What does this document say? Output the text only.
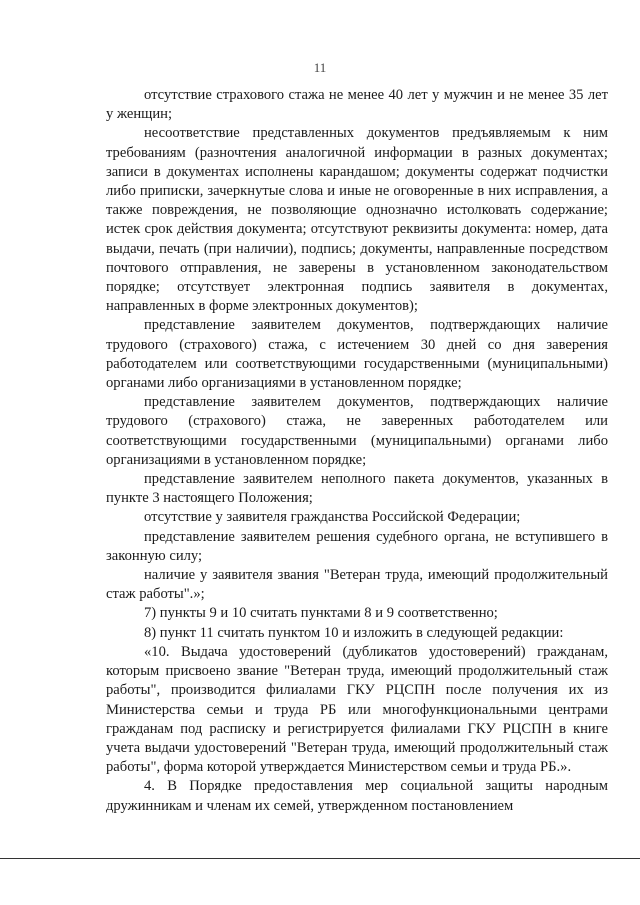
11

отсутствие страхового стажа не менее 40 лет у мужчин и не менее 35 лет у женщин;

несоответствие представленных документов предъявляемым к ним требованиям (разночтения аналогичной информации в разных документах; записи в документах исполнены карандашом; документы содержат подчистки либо приписки, зачеркнутые слова и иные не оговоренные в них исправления, а также повреждения, не позволяющие однозначно истолковать содержание; истек срок действия документа; отсутствуют реквизиты документа: номер, дата выдачи, печать (при наличии), подпись; документы, направленные посредством почтового отправления, не заверены в установленном законодательством порядке; отсутствует электронная подпись заявителя в документах, направленных в форме электронных документов);

представление заявителем документов, подтверждающих наличие трудового (страхового) стажа, с истечением 30 дней со дня заверения работодателем или соответствующими государственными (муниципальными) органами либо организациями в установленном порядке;

представление заявителем документов, подтверждающих наличие трудового (страхового) стажа, не заверенных работодателем или соответствующими государственными (муниципальными) органами либо организациями в установленном порядке;

представление заявителем неполного пакета документов, указанных в пункте 3 настоящего Положения;

отсутствие у заявителя гражданства Российской Федерации;

представление заявителем решения судебного органа, не вступившего в законную силу;

наличие у заявителя звания "Ветеран труда, имеющий продолжительный стаж работы".»;

7) пункты 9 и 10 считать пунктами 8 и 9 соответственно;

8) пункт 11 считать пунктом 10 и изложить в следующей редакции:

«10. Выдача удостоверений (дубликатов удостоверений) гражданам, которым присвоено звание "Ветеран труда, имеющий продолжительный стаж работы", производится филиалами ГКУ РЦСПН после получения их из Министерства семьи и труда РБ или многофункциональными центрами гражданам под расписку и регистрируется филиалами ГКУ РЦСПН в книге учета выдачи удостоверений "Ветеран труда, имеющий продолжительный стаж работы", форма которой утверждается Министерством семьи и труда РБ.».

4. В Порядке предоставления мер социальной защиты народным дружинникам и членам их семей, утвержденном постановлением
